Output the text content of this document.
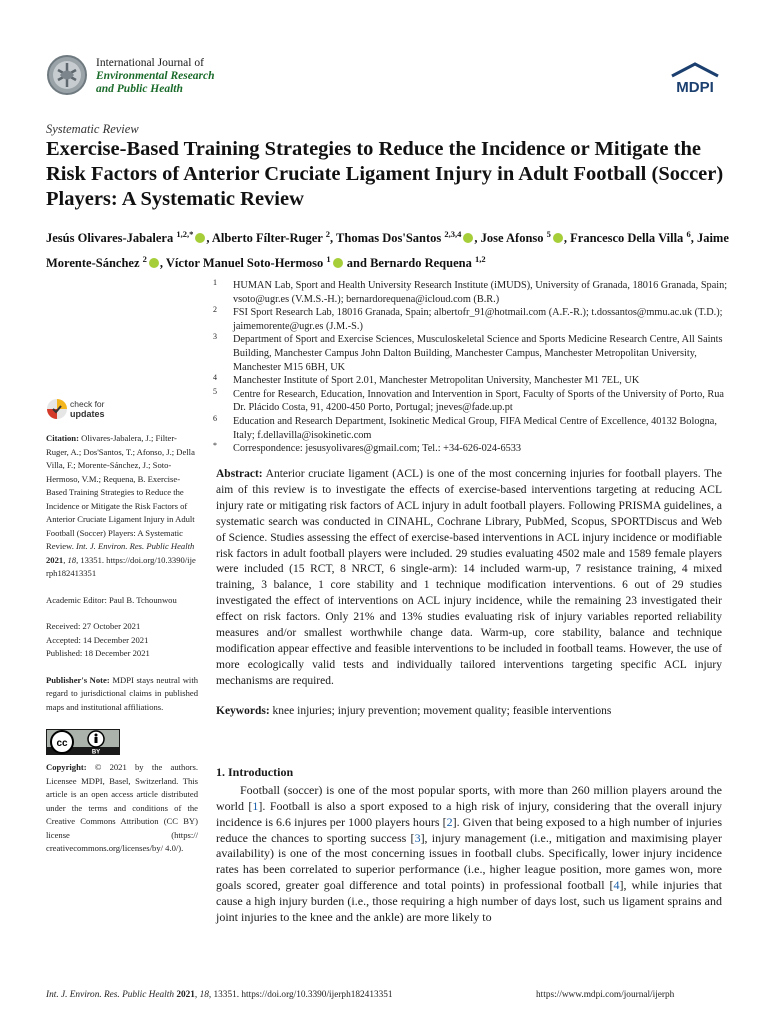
International Journal of
Environmental Research
and Public Health	MDPI
Systematic Review
Exercise-Based Training Strategies to Reduce the Incidence or Mitigate the Risk Factors of Anterior Cruciate Ligament Injury in Adult Football (Soccer) Players: A Systematic Review
Jesús Olivares-Jabalera $^{1,2,*}$ , Alberto Fílter-Ruger $^2$, Thomas Dos'Santos $^{2,3,4}$ , Jose Afonso $^5$ , Francesco Della Villa $^6$, Jaime Morente-Sánchez $^2$ , Víctor Manuel Soto-Hermoso $^1$ and Bernardo Requena $^{1,2}$
1 HUMAN Lab, Sport and Health University Research Institute (iMUDS), University of Granada, 18016 Granada, Spain; vsoto@ugr.es (V.M.S.-H.); bernardorequena@icloud.com (B.R.)
2 FSI Sport Research Lab, 18016 Granada, Spain; albertofr_91@hotmail.com (A.F.-R.); t.dossantos@mmu.ac.uk (T.D.); jaimemorente@ugr.es (J.M.-S.)
3 Department of Sport and Exercise Sciences, Musculoskeletal Science and Sports Medicine Research Centre, All Saints Building, Manchester Campus John Dalton Building, Manchester Campus, Manchester Metropolitan University, Manchester M15 6BH, UK
4 Manchester Institute of Sport 2.01, Manchester Metropolitan University, Manchester M1 7EL, UK
5 Centre for Research, Education, Innovation and Intervention in Sport, Faculty of Sports of the University of Porto, Rua Dr. Plácido Costa, 91, 4200-450 Porto, Portugal; jneves@fade.up.pt
6 Education and Research Department, Isokinetic Medical Group, FIFA Medical Centre of Excellence, 40132 Bologna, Italy; f.dellavilla@isokinetic.com
* Correspondence: jesusyolivares@gmail.com; Tel.: +34-626-024-6533
check for
updates

Citation: Olivares-Jabalera, J.; Filter-Ruger, A.; Dos'Santos, T.; Afonso, J.; Della Villa, F.; Morente-Sánchez, J.; Soto-Hermoso, V.M.; Requena, B. Exercise-Based Training Strategies to Reduce the Incidence or Mitigate the Risk Factors of Anterior Cruciate Ligament Injury in Adult Football (Soccer) Players: A Systematic Review. Int. J. Environ. Res. Public Health 2021, 18, 13351. https://doi.org/10.3390/ijerph182413351

Academic Editor: Paul B. Tchounwou

Received: 27 October 2021

Accepted: 14 December 2021

Published: 18 December 2021

Publisher's Note: MDPI stays neutral with regard to jurisdictional claims in published maps and institutional affiliations.

cc
BY

Copyright: © 2021 by the authors. Licensee MDPI, Basel, Switzerland. This article is an open access article distributed under the terms and conditions of the Creative Commons Attribution (CC BY) license (https:// creativecommons.org/licenses/by/ 4.0/).

Abstract: Anterior cruciate ligament (ACL) is one of the most concerning injuries for football players. The aim of this review is to investigate the effects of exercise-based interventions targeting at reducing ACL injury rate or mitigating risk factors of ACL injury in adult football players. Following PRISMA guidelines, a systematic search was conducted in CINAHL, Cochrane Library, PubMed, Scopus, SPORTDiscus and Web of Science. Studies assessing the effect of exercise-based interventions in ACL injury incidence or modifiable risk factors in adult football players were included. 29 studies evaluating 4502 male and 1589 female players were included (15 RCT, 8 NRCT, 6 single-arm): 14 included warm-up, 7 resistance training, 4 mixed training, 3 balance, 1 core stability and 1 technique modification interventions. 6 out of 29 studies investigated the effect of interventions on ACL injury incidence, while the remaining 23 investigated their effect on risk factors. Only 21% and 13% studies evaluating risk of injury variables reported reliability measures and/or smallest worthwhile change data. Warm-up, core stability, balance and technique modification appear effective and feasible interventions to be included in football teams. However, the use of more ecologically valid tests and individually tailored interventions targeting specific ACL injury mechanisms are required.
Keywords: knee injuries; injury prevention; movement quality; feasible interventions
1. Introduction
Football (soccer) is one of the most popular sports, with more than 260 million players around the world [1]. Football is also a sport exposed to a high risk of injury, considering that the overall injury incidence is 6.6 injures per 1000 players hours [2]. Given that being exposed to a high number of injuries reduce the chances to sporting success [3], injury management (i.e., mitigation and maximising player availability) is one of the most concerning issues in football clubs. Specifically, lower injury incidence rates has been correlated to superior performance (i.e., higher league position, more games won, more goals scored, greater goal difference and total points) in professional football [4], while injuries that cause a high injury burden (i.e., those requiring a high number of days lost, such us ligament sprains and joint injuries to the knee and the ankle) are more likely to
Int. J. Environ. Res. Public Health 2021, 18, 13351. https://doi.org/10.3390/ijerph182413351	https://www.mdpi.com/journal/ijerph
